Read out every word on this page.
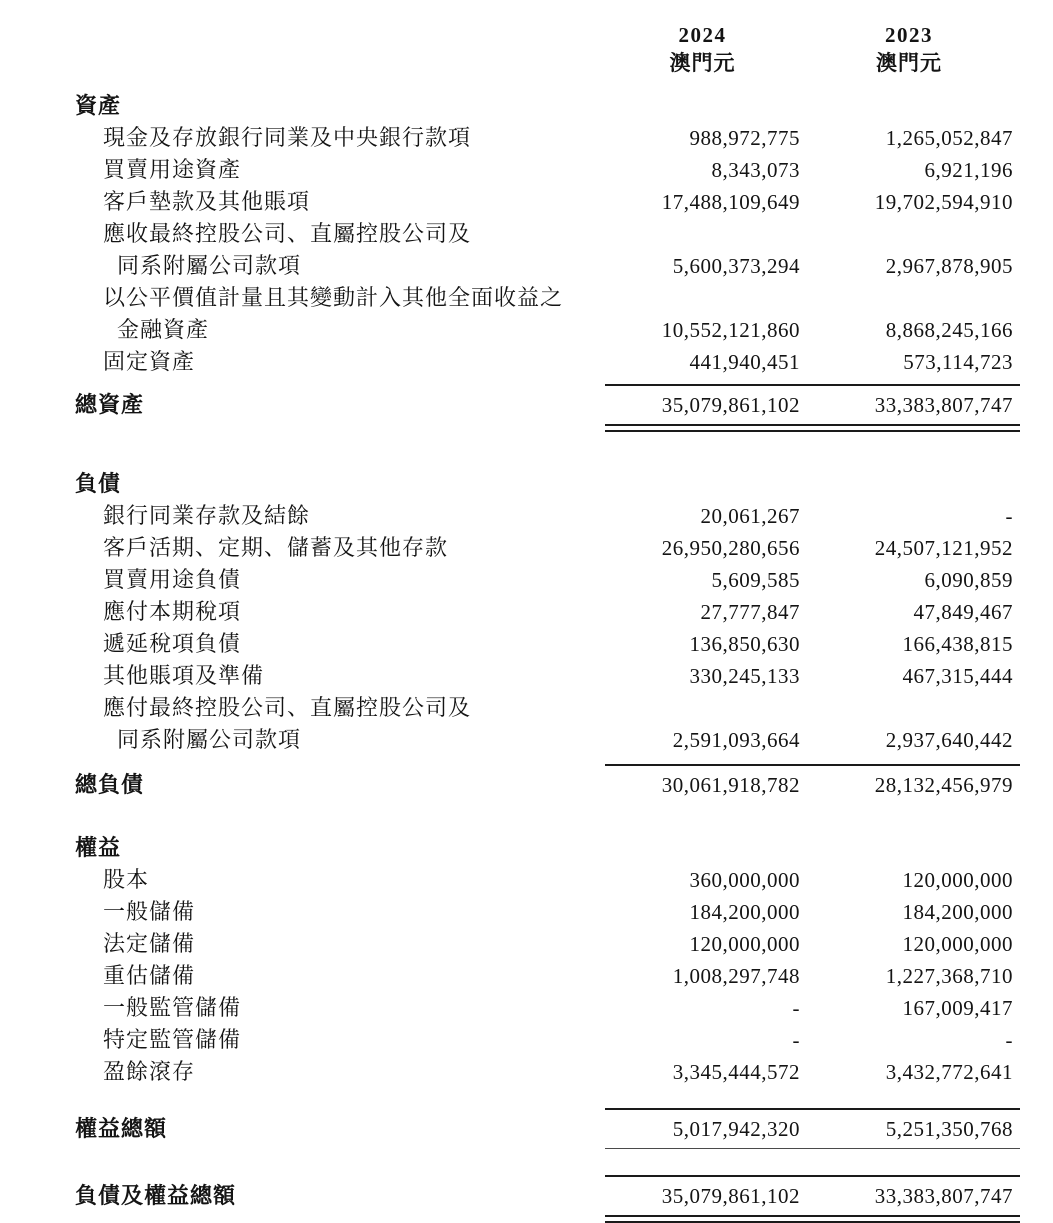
2024
澳門元
2023
澳門元
資產
現金及存放銀行同業及中央銀行款項	988,972,775	1,265,052,847
買賣用途資產	8,343,073	6,921,196
客戶墊款及其他賬項	17,488,109,649	19,702,594,910
應收最終控股公司、直屬控股公司及
同系附屬公司款項	5,600,373,294	2,967,878,905
以公平價值計量且其變動計入其他全面收益之
金融資產	10,552,121,860	8,868,245,166
固定資產	441,940,451	573,114,723
總資產	35,079,861,102	33,383,807,747
負債
銀行同業存款及結餘	20,061,267	-
客戶活期、定期、儲蓄及其他存款	26,950,280,656	24,507,121,952
買賣用途負債	5,609,585	6,090,859
應付本期稅項	27,777,847	47,849,467
遞延稅項負債	136,850,630	166,438,815
其他賬項及準備	330,245,133	467,315,444
應付最終控股公司、直屬控股公司及
同系附屬公司款項	2,591,093,664	2,937,640,442
總負債	30,061,918,782	28,132,456,979
權益
股本	360,000,000	120,000,000
一般儲備	184,200,000	184,200,000
法定儲備	120,000,000	120,000,000
重估儲備	1,008,297,748	1,227,368,710
一般監管儲備	-	167,009,417
特定監管儲備	-	-
盈餘滾存	3,345,444,572	3,432,772,641
權益總額	5,017,942,320	5,251,350,768
負債及權益總額	35,079,861,102	33,383,807,747
